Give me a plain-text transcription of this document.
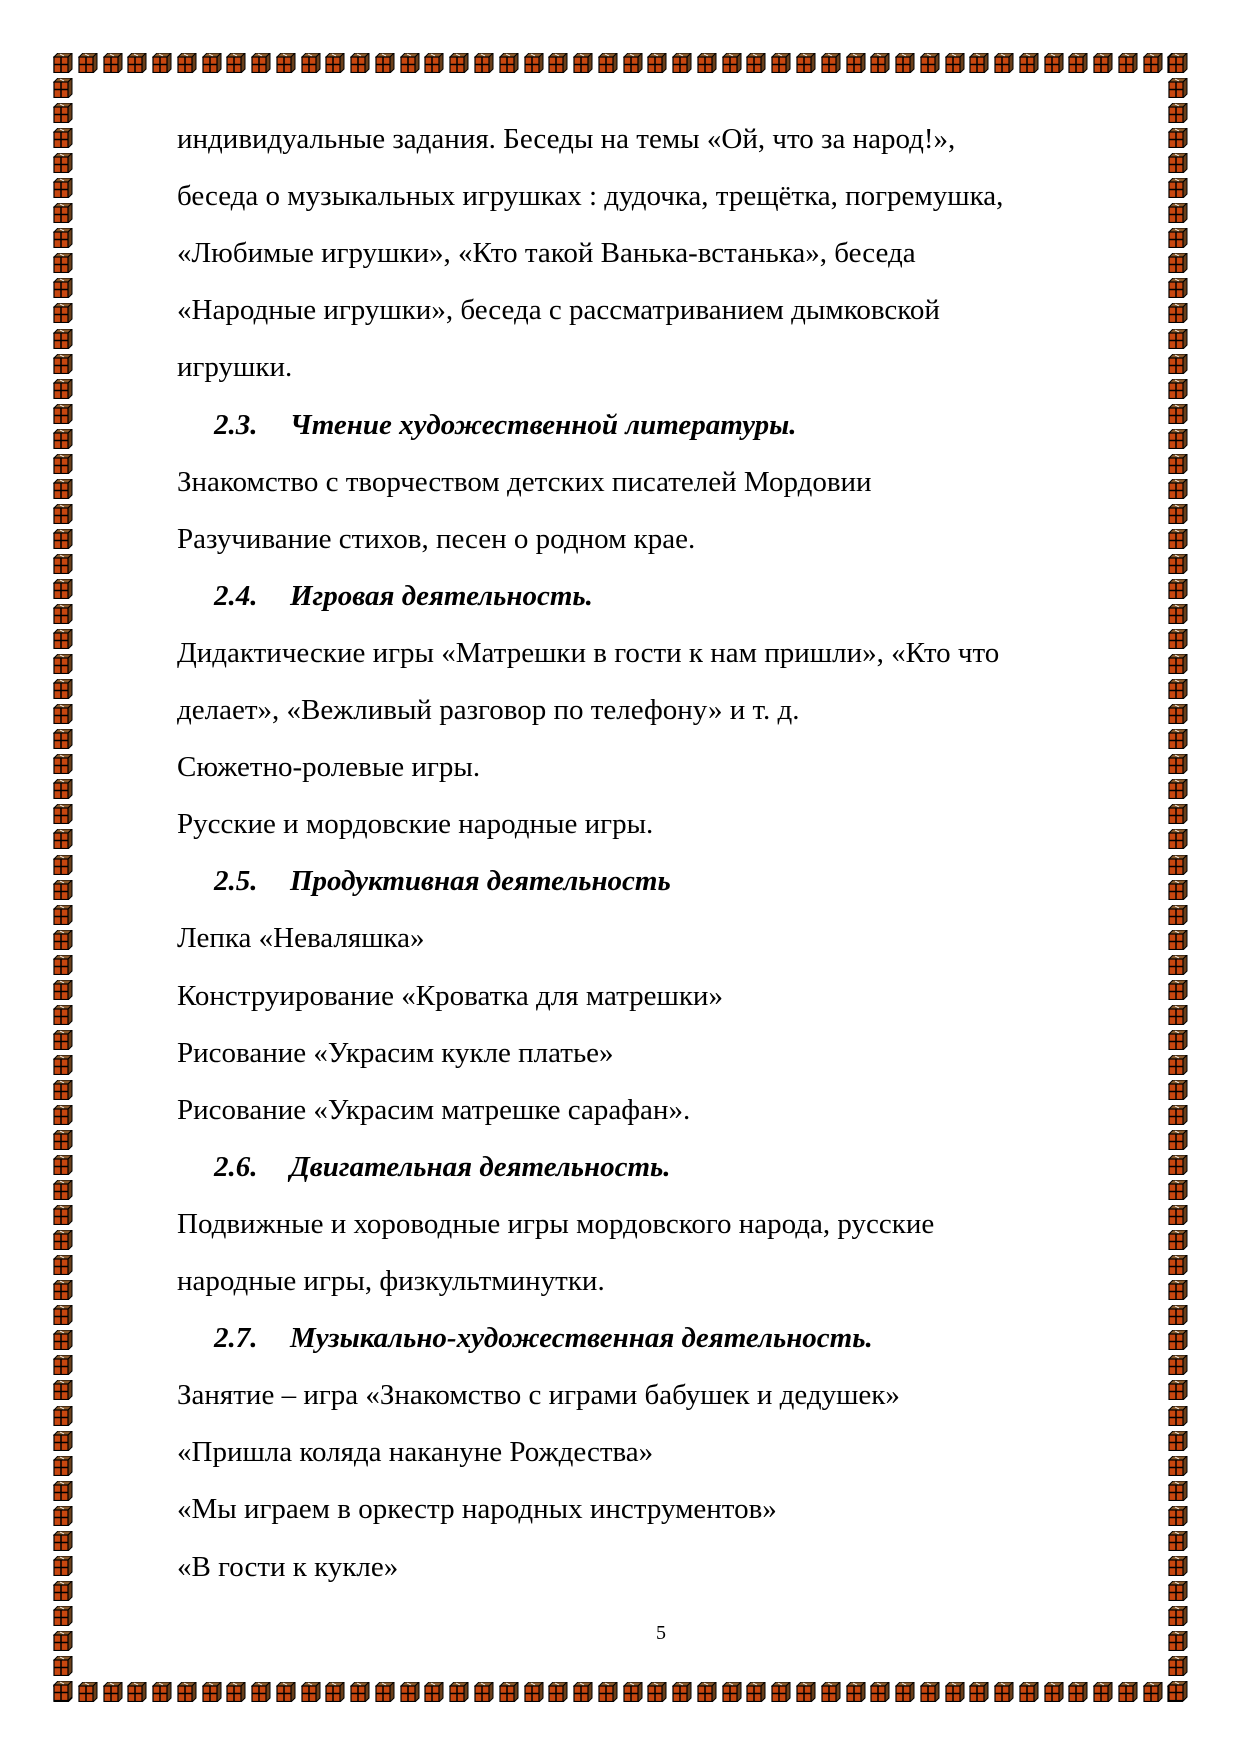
индивидуальные задания. Беседы на темы «Ой, что за народ!»,
беседа о музыкальных игрушках : дудочка, трещётка, погремушка,
«Любимые игрушки», «Кто такой Ванька-встанька», беседа
«Народные игрушки», беседа с рассматриванием дымковской
игрушки.
2.3. Чтение художественной литературы.
Знакомство с творчеством детских писателей Мордовии
Разучивание стихов, песен о родном крае.
2.4. Игровая деятельность.
Дидактические игры «Матрешки в гости к нам пришли», «Кто что
делает», «Вежливый разговор по телефону» и т. д.
Сюжетно-ролевые игры.
Русские и мордовские народные игры.
2.5. Продуктивная деятельность
Лепка «Неваляшка»
Конструирование «Кроватка для матрешки»
Рисование «Украсим кукле платье»
Рисование «Украсим матрешке сарафан».
2.6. Двигательная деятельность.
Подвижные и хороводные игры мордовского народа, русские
народные игры, физкультминутки.
2.7. Музыкально-художественная деятельность.
Занятие – игра «Знакомство с играми бабушек и дедушек»
«Пришла коляда накануне Рождества»
«Мы играем в оркестр народных инструментов»
«В гости к кукле»
5
